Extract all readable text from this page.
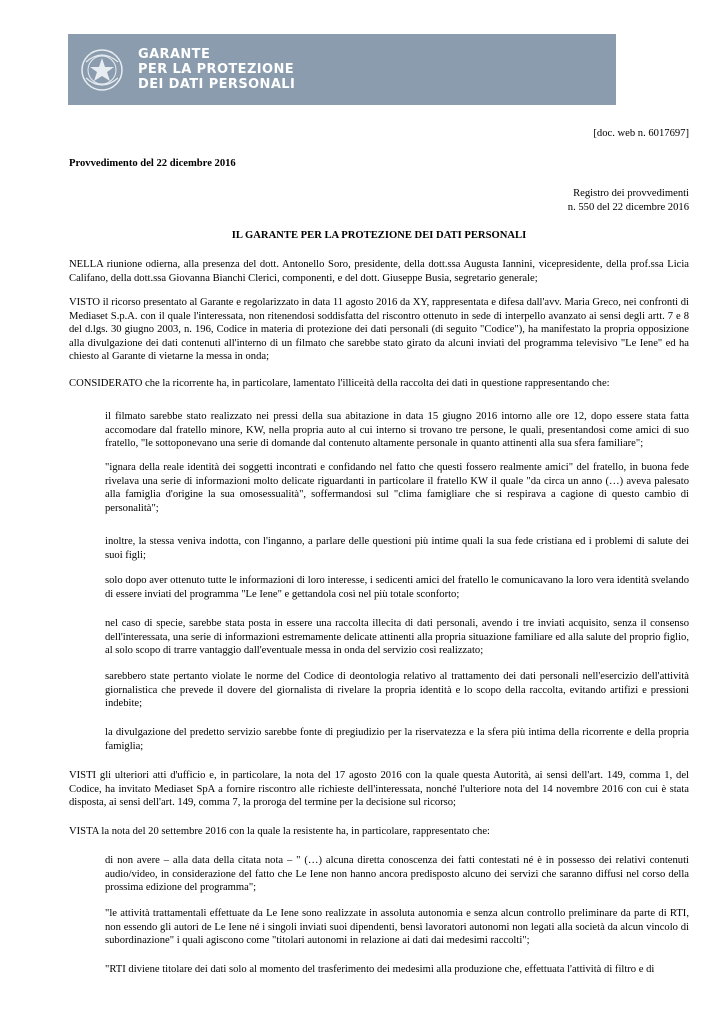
GARANTE
PER LA PROTEZIONE
DEI DATI PERSONALI
[doc. web n. 6017697]
Provvedimento del 22 dicembre 2016
Registro dei provvedimenti
n. 550 del 22 dicembre 2016
IL GARANTE PER LA PROTEZIONE DEI DATI PERSONALI

NELLA riunione odierna, alla presenza del dott. Antonello Soro, presidente, della dott.ssa Augusta Iannini, vicepresidente, della prof.ssa Licia Califano, della dott.ssa Giovanna Bianchi Clerici, componenti, e del dott. Giuseppe Busia, segretario generale;

VISTO il ricorso presentato al Garante e regolarizzato in data 11 agosto 2016 da XY, rappresentata e difesa dall'avv. Maria Greco, nei confronti di Mediaset S.p.A. con il quale l'interessata, non ritenendosi soddisfatta del riscontro ottenuto in sede di interpello avanzato ai sensi degli artt. 7 e 8 del d.lgs. 30 giugno 2003, n. 196, Codice in materia di protezione dei dati personali (di seguito "Codice"), ha manifestato la propria opposizione alla divulgazione dei dati contenuti all'interno di un filmato che sarebbe stato girato da alcuni inviati del programma televisivo "Le Iene" ed ha chiesto al Garante di vietarne la messa in onda;

CONSIDERATO che la ricorrente ha, in particolare, lamentato l'illiceità della raccolta dei dati in questione rappresentando che:

il filmato sarebbe stato realizzato nei pressi della sua abitazione in data 15 giugno 2016 intorno alle ore 12, dopo essere stata fatta accomodare dal fratello minore, KW, nella propria auto al cui interno si trovano tre persone, le quali, presentandosi come amici di suo fratello, "le sottoponevano una serie di domande dal contenuto altamente personale in quanto attinenti alla sua sfera familiare";

"ignara della reale identità dei soggetti incontrati e confidando nel fatto che questi fossero realmente amici" del fratello, in buona fede rivelava una serie di informazioni molto delicate riguardanti in particolare il fratello KW il quale "da circa un anno (…) aveva palesato alla famiglia d'origine la sua omosessualità", soffermandosi sul "clima famigliare che si respirava a cagione di questo cambio di personalità";

inoltre, la stessa veniva indotta, con l'inganno, a parlare delle questioni più intime quali la sua fede cristiana ed i problemi di salute dei suoi figli;

solo dopo aver ottenuto tutte le informazioni di loro interesse, i sedicenti amici del fratello le comunicavano la loro vera identità svelando di essere inviati del programma "Le Iene" e gettandola così nel più totale sconforto;

nel caso di specie, sarebbe stata posta in essere una raccolta illecita di dati personali, avendo i tre inviati acquisito, senza il consenso dell'interessata, una serie di informazioni estremamente delicate attinenti alla propria situazione familiare ed alla salute del proprio figlio, al solo scopo di trarre vantaggio dall'eventuale messa in onda del servizio così realizzato;

sarebbero state pertanto violate le norme del Codice di deontologia relativo al trattamento dei dati personali nell'esercizio dell'attività giornalistica che prevede il dovere del giornalista di rivelare la propria identità e lo scopo della raccolta, evitando artifizi e pressioni indebite;

la divulgazione del predetto servizio sarebbe fonte di pregiudizio per la riservatezza e la sfera più intima della ricorrente e della propria famiglia;

VISTI gli ulteriori atti d'ufficio e, in particolare, la nota del 17 agosto 2016 con la quale questa Autorità, ai sensi dell'art. 149, comma 1, del Codice, ha invitato Mediaset SpA a fornire riscontro alle richieste dell'interessata, nonché l'ulteriore nota del 14 novembre 2016 con cui è stata disposta, ai sensi dell'art. 149, comma 7, la proroga del termine per la decisione sul ricorso;

VISTA la nota del 20 settembre 2016 con la quale la resistente ha, in particolare, rappresentato che:

di non avere – alla data della citata nota – " (…) alcuna diretta conoscenza dei fatti contestati né è in possesso dei relativi contenuti audio/video, in considerazione del fatto che Le Iene non hanno ancora predisposto alcuno dei servizi che saranno diffusi nel corso della prossima edizione del programma";

"le attività trattamentali effettuate da Le Iene sono realizzate in assoluta autonomia e senza alcun controllo preliminare da parte di RTI, non essendo gli autori de Le Iene né i singoli inviati suoi dipendenti, bensì lavoratori autonomi non legati alla società da alcun vincolo di subordinazione" i quali agiscono come "titolari autonomi in relazione ai dati dai medesimi raccolti";

"RTI diviene titolare dei dati solo al momento del trasferimento dei medesimi alla produzione che, effettuata l'attività di filtro e di
